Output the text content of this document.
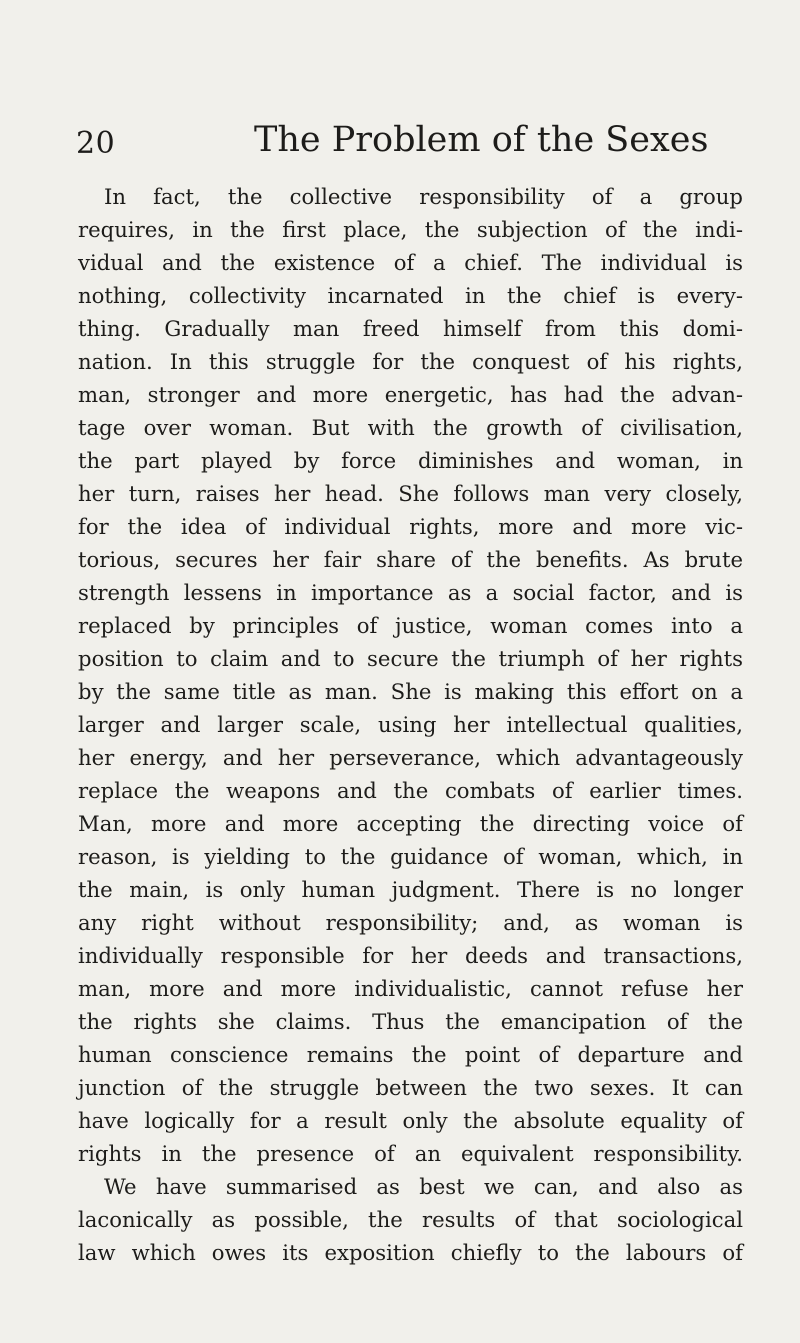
20	The Problem of the Sexes
In fact, the collective responsibility of a group
requires, in the first place, the subjection of the indi-
vidual and the existence of a chief. The individual is
nothing, collectivity incarnated in the chief is every-
thing. Gradually man freed himself from this domi-
nation. In this struggle for the conquest of his rights,
man, stronger and more energetic, has had the advan-
tage over woman. But with the growth of civilisation,
the part played by force diminishes and woman, in
her turn, raises her head. She follows man very closely,
for the idea of individual rights, more and more vic-
torious, secures her fair share of the benefits. As brute
strength lessens in importance as a social factor, and is
replaced by principles of justice, woman comes into a
position to claim and to secure the triumph of her rights
by the same title as man. She is making this effort on a
larger and larger scale, using her intellectual qualities,
her energy, and her perseverance, which advantageously
replace the weapons and the combats of earlier times.
Man, more and more accepting the directing voice of
reason, is yielding to the guidance of woman, which, in
the main, is only human judgment. There is no longer
any right without responsibility; and, as woman is
individually responsible for her deeds and transactions,
man, more and more individualistic, cannot refuse her
the rights she claims. Thus the emancipation of the
human conscience remains the point of departure and
junction of the struggle between the two sexes. It can
have logically for a result only the absolute equality of
rights in the presence of an equivalent responsibility.
We have summarised as best we can, and also as
laconically as possible, the results of that sociological
law which owes its exposition chiefly to the labours of
